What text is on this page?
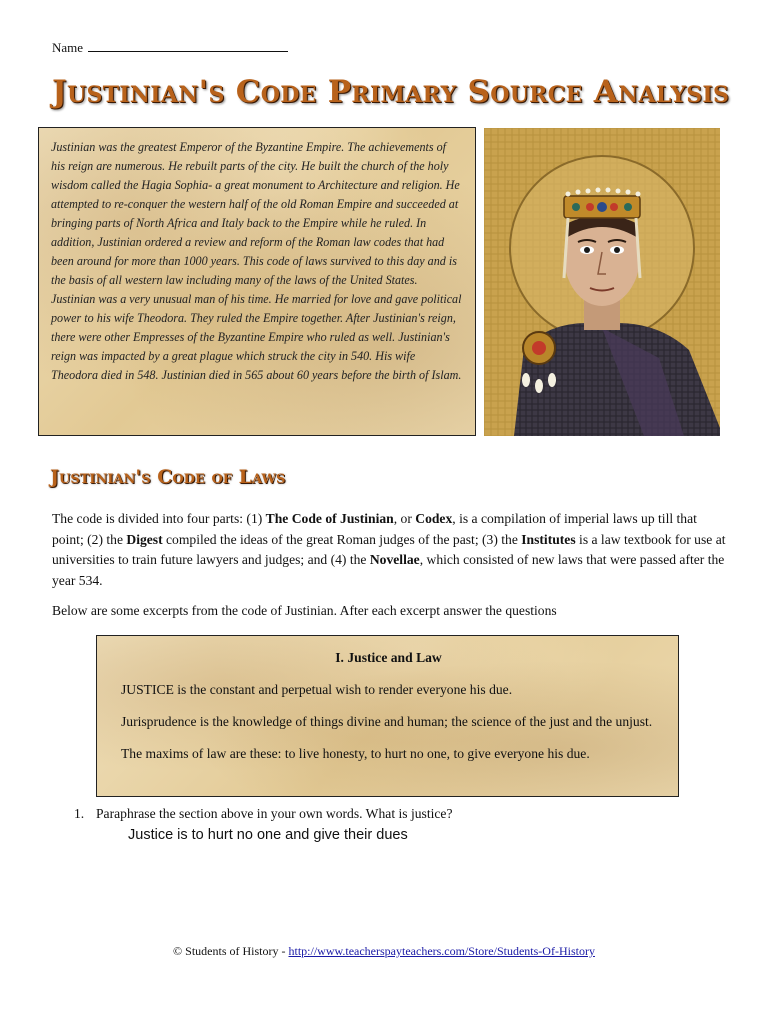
Name
Justinian's Code Primary Source Analysis

Justinian was the greatest Emperor of the Byzantine Empire. The achievements of his reign are numerous. He rebuilt parts of the city. He built the church of the holy wisdom called the Hagia Sophia- a great monument to Architecture and religion. He attempted to re-conquer the western half of the old Roman Empire and succeeded at bringing parts of North Africa and Italy back to the Empire while he ruled. In addition, Justinian ordered a review and reform of the Roman law codes that had been around for more than 1000 years. This code of laws survived to this day and is the basis of all western law including many of the laws of the United States. Justinian was a very unusual man of his time. He married for love and gave political power to his wife Theodora. They ruled the Empire together. After Justinian's reign, there were other Empresses of the Byzantine Empire who ruled as well. Justinian's reign was impacted by a great plague which struck the city in 540. His wife Theodora died in 548. Justinian died in 565 about 60 years before the birth of Islam.

Justinian's Code of Laws
The code is divided into four parts: (1) The Code of Justinian, or Codex, is a compilation of imperial laws up till that point; (2) the Digest compiled the ideas of the great Roman judges of the past; (3) the Institutes is a law textbook for use at universities to train future lawyers and judges; and (4) the Novellae, which consisted of new laws that were passed after the year 534.
Below are some excerpts from the code of Justinian. After each excerpt answer the questions
I. Justice and Law

JUSTICE is the constant and perpetual wish to render everyone his due.

Jurisprudence is the knowledge of things divine and human; the science of the just and the unjust.

The maxims of law are these: to live honesty, to hurt no one, to give everyone his due.

1. Paraphrase the section above in your own words. What is justice?
Justice is to hurt no one and give their dues
© Students of History - http://www.teacherspayteachers.com/Store/Students-Of-History
